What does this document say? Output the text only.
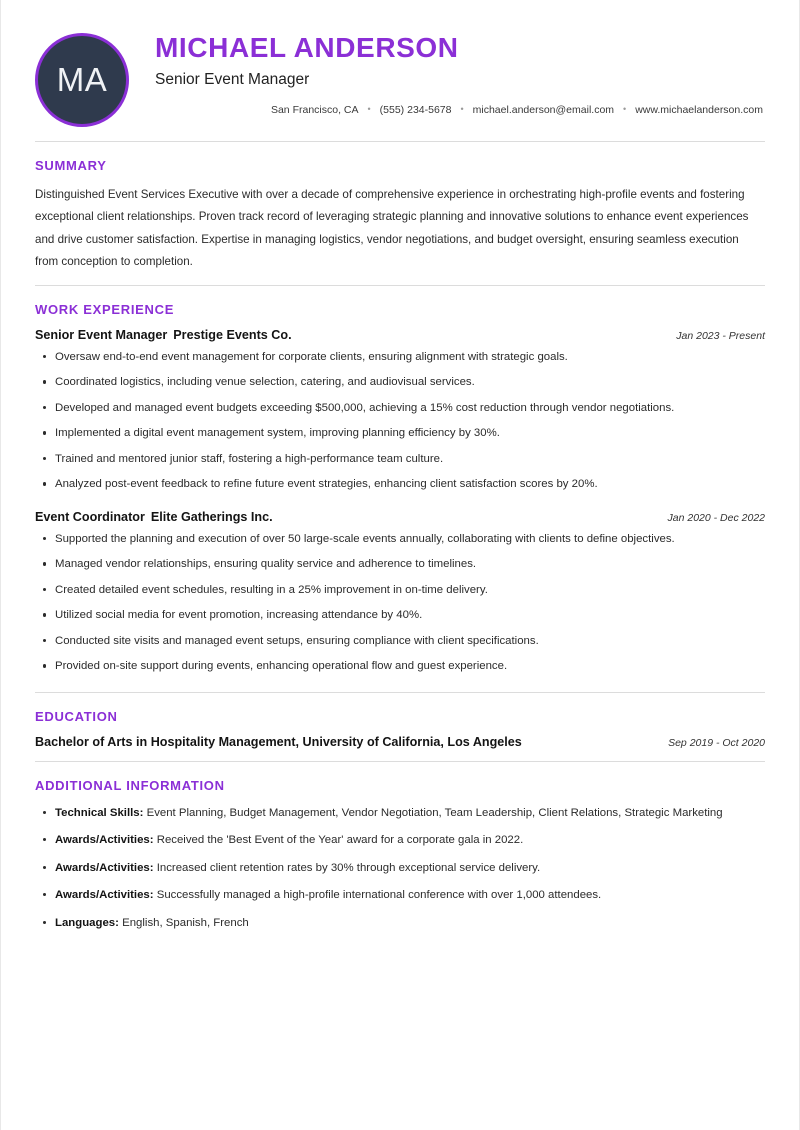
MA
MICHAEL ANDERSON
Senior Event Manager
San Francisco, CA	• (555) 234-5678	• michael.anderson@email.com	• www.michaelanderson.com
SUMMARY

Distinguished Event Services Executive with over a decade of comprehensive experience in orchestrating high-profile events and fostering exceptional client relationships. Proven track record of leveraging strategic planning and innovative solutions to enhance event experiences and drive customer satisfaction. Expertise in managing logistics, vendor negotiations, and budget oversight, ensuring seamless execution from conception to completion.

WORK EXPERIENCE
Senior Event Manager Prestige Events Co.	Jan 2023 - Present
Oversaw end-to-end event management for corporate clients, ensuring alignment with strategic goals.
Coordinated logistics, including venue selection, catering, and audiovisual services.
Developed and managed event budgets exceeding $500,000, achieving a 15% cost reduction through vendor negotiations.
Implemented a digital event management system, improving planning efficiency by 30%.
Trained and mentored junior staff, fostering a high-performance team culture.
Analyzed post-event feedback to refine future event strategies, enhancing client satisfaction scores by 20%.
Event Coordinator Elite Gatherings Inc.	Jan 2020 - Dec 2022
Supported the planning and execution of over 50 large-scale events annually, collaborating with clients to define objectives.
Managed vendor relationships, ensuring quality service and adherence to timelines.
Created detailed event schedules, resulting in a 25% improvement in on-time delivery.
Utilized social media for event promotion, increasing attendance by 40%.
Conducted site visits and managed event setups, ensuring compliance with client specifications.
Provided on-site support during events, enhancing operational flow and guest experience.
EDUCATION
Bachelor of Arts in Hospitality Management, University of California, Los Angeles	Sep 2019 - Oct 2020
ADDITIONAL INFORMATION
Technical Skills: Event Planning, Budget Management, Vendor Negotiation, Team Leadership, Client Relations, Strategic Marketing
Awards/Activities: Received the 'Best Event of the Year' award for a corporate gala in 2022.
Awards/Activities: Increased client retention rates by 30% through exceptional service delivery.
Awards/Activities: Successfully managed a high-profile international conference with over 1,000 attendees.
Languages: English, Spanish, French
